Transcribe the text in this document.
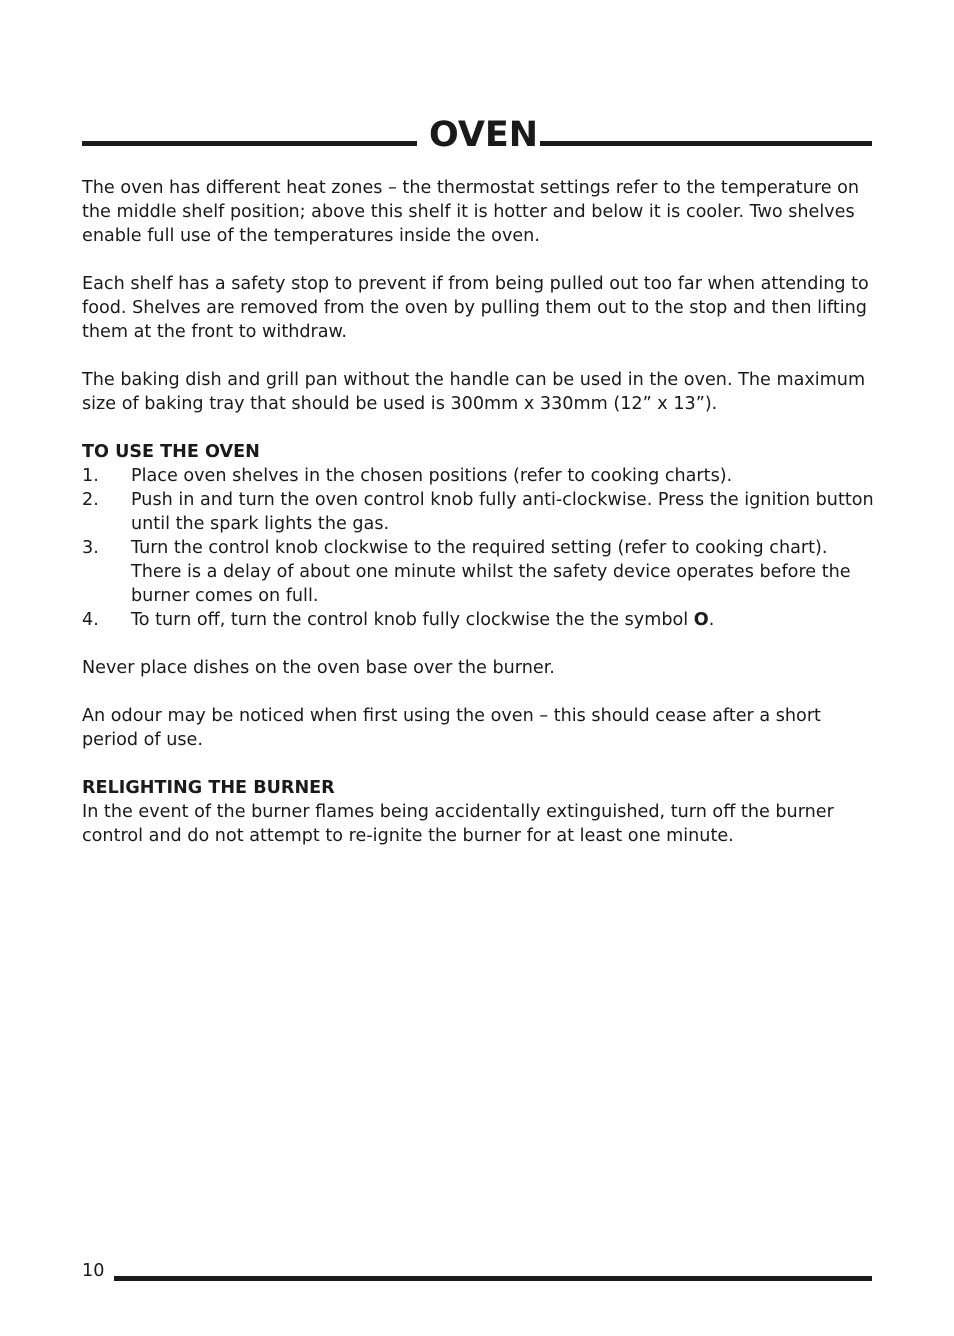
OVEN

The oven has different heat zones – the thermostat settings refer to the temperature on the middle shelf position; above this shelf it is hotter and below it is cooler. Two shelves enable full use of the temperatures inside the oven.

Each shelf has a safety stop to prevent if from being pulled out too far when attending to food. Shelves are removed from the oven by pulling them out to the stop and then lifting them at the front to withdraw.

The baking dish and grill pan without the handle can be used in the oven. The maximum size of baking tray that should be used is 300mm x 330mm (12” x 13”).

TO USE THE OVEN
1. Place oven shelves in the chosen positions (refer to cooking charts).
2. Push in and turn the oven control knob fully anti-clockwise. Press the ignition button until the spark lights the gas.
3. Turn the control knob clockwise to the required setting (refer to cooking chart). There is a delay of about one minute whilst the safety device operates before the burner comes on full.
4. To turn off, turn the control knob fully clockwise the the symbol O.

Never place dishes on the oven base over the burner.

An odour may be noticed when first using the oven – this should cease after a short period of use.

RELIGHTING THE BURNER

In the event of the burner flames being accidentally extinguished, turn off the burner control and do not attempt to re-ignite the burner for at least one minute.

10
